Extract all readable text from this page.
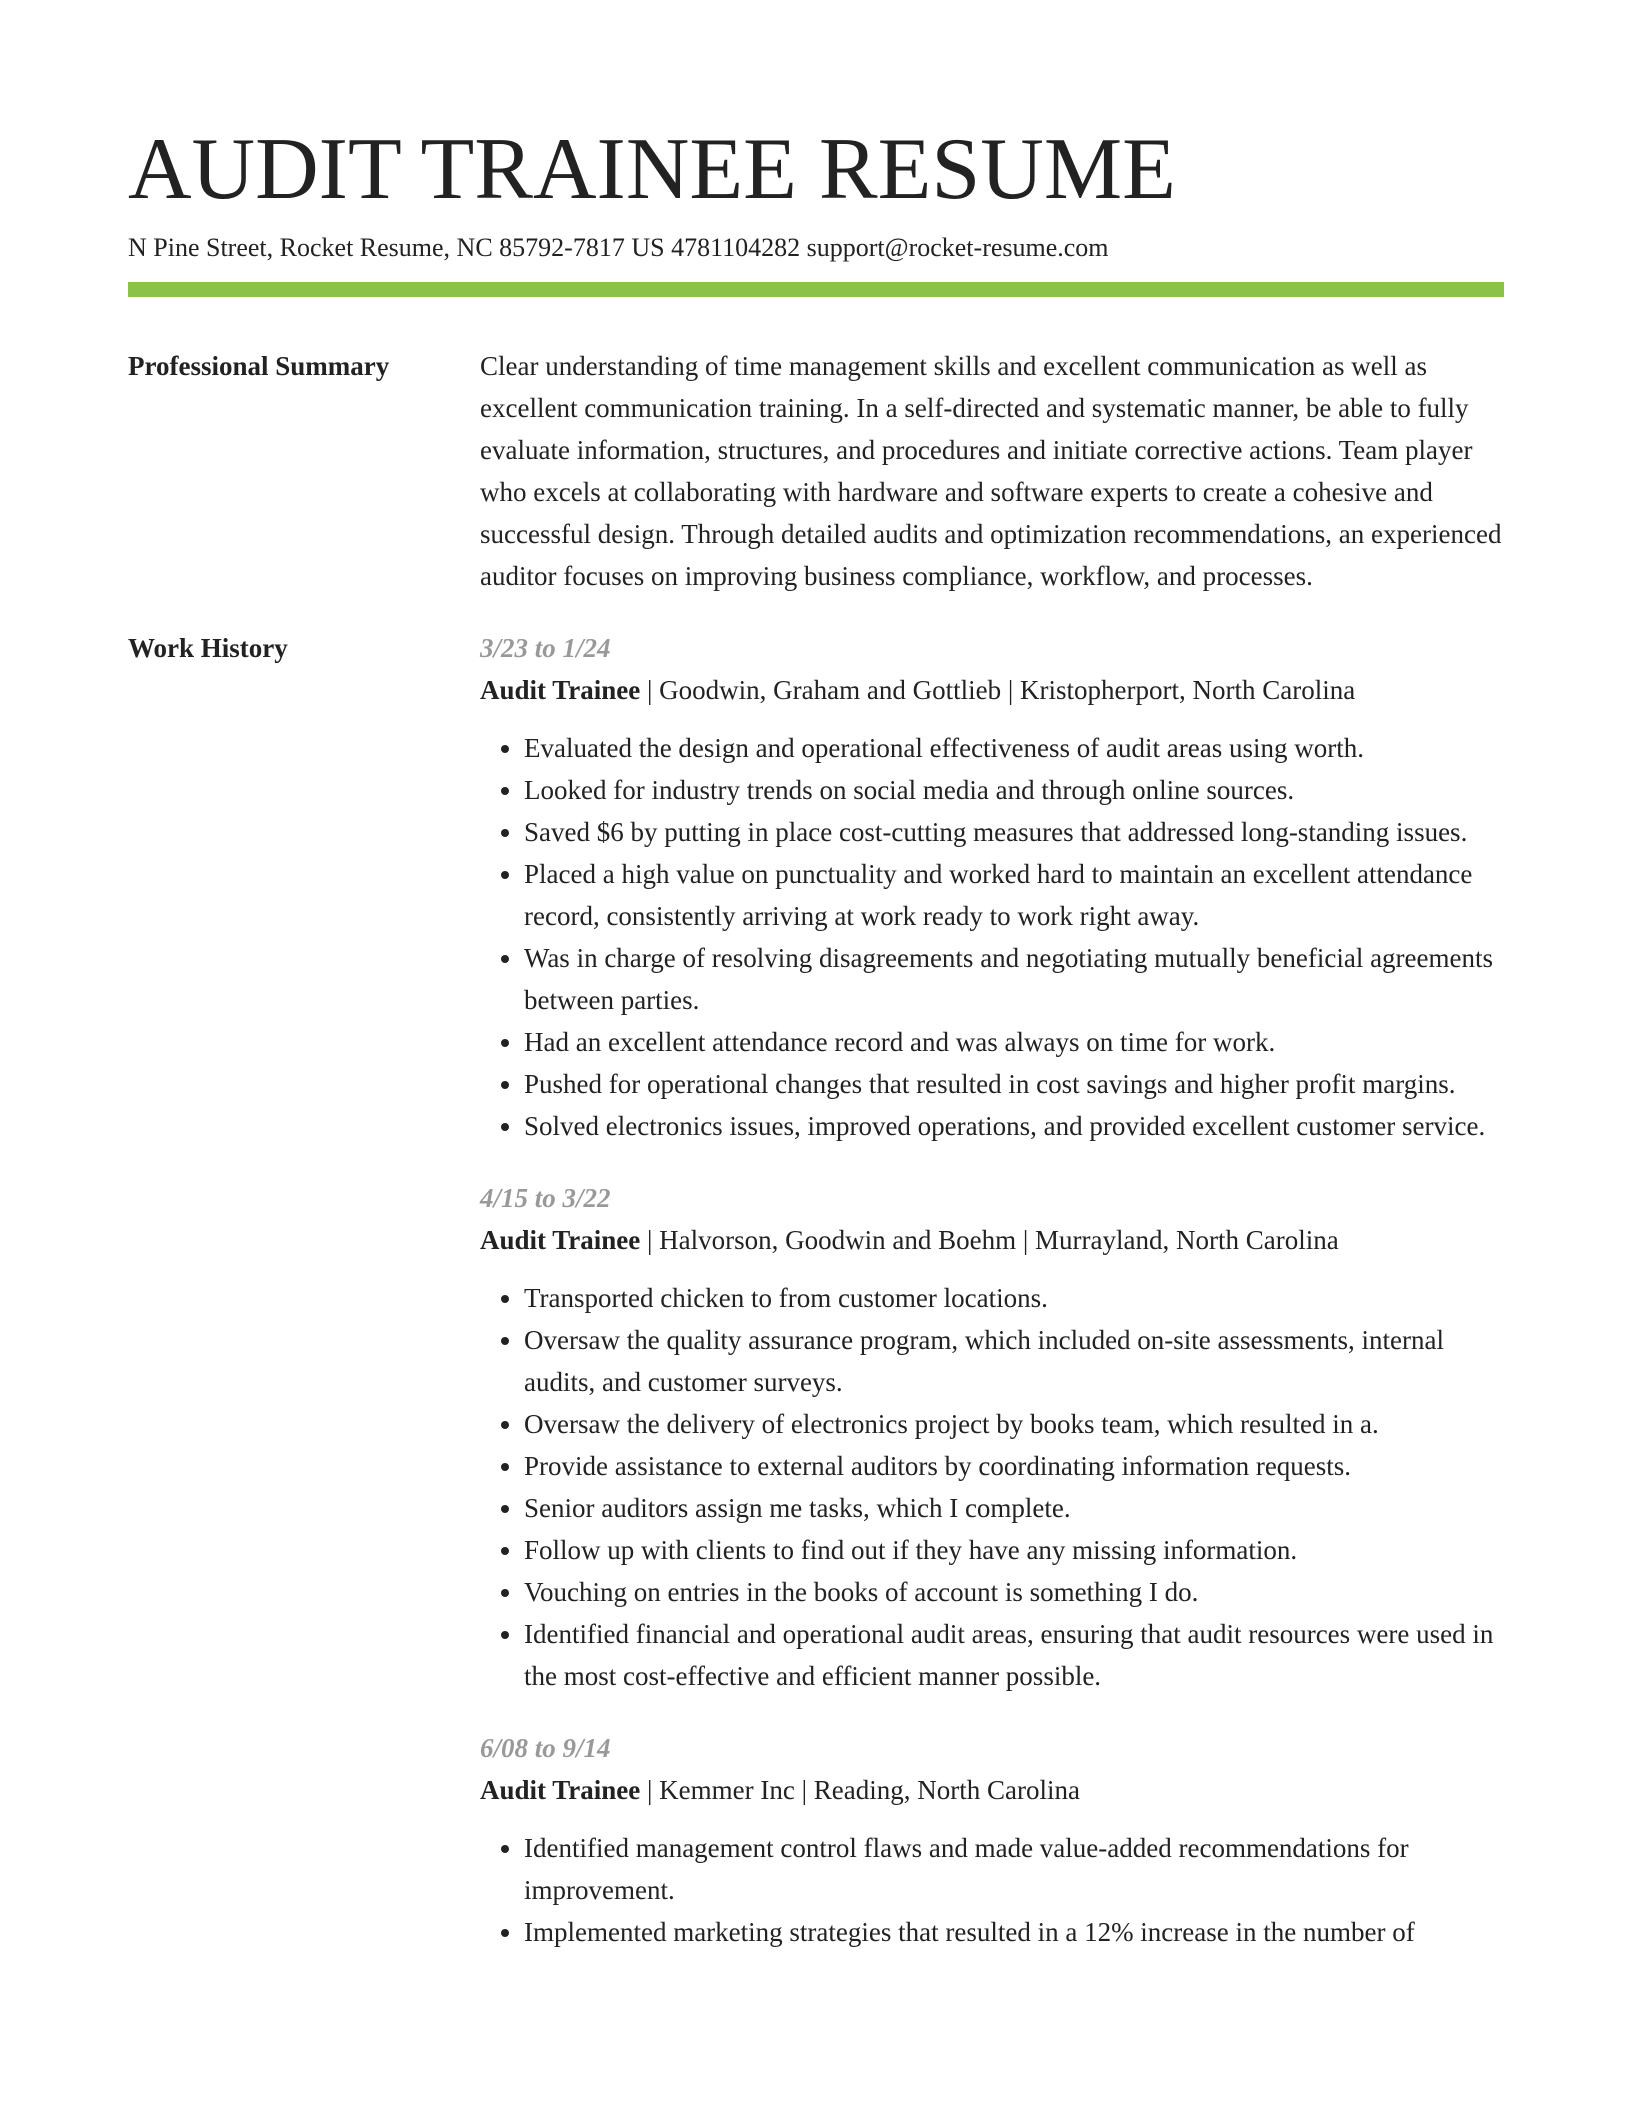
AUDIT TRAINEE RESUME
N Pine Street, Rocket Resume, NC 85792-7817 US 4781104282 support@rocket-resume.com
Professional Summary	Clear understanding of time management skills and excellent communication as well as excellent communication training. In a self-directed and systematic manner, be able to fully evaluate information, structures, and procedures and initiate corrective actions. Team player who excels at collaborating with hardware and software experts to create a cohesive and successful design. Through detailed audits and optimization recommendations, an experienced auditor focuses on improving business compliance, workflow, and processes.

Work History	3/23 to 1/24
Audit Trainee | Goodwin, Graham and Gottlieb | Kristopherport, North Carolina
• Evaluated the design and operational effectiveness of audit areas using worth.
• Looked for industry trends on social media and through online sources.
• Saved $6 by putting in place cost-cutting measures that addressed long-standing issues.
• Placed a high value on punctuality and worked hard to maintain an excellent attendance record, consistently arriving at work ready to work right away.
• Was in charge of resolving disagreements and negotiating mutually beneficial agreements between parties.
• Had an excellent attendance record and was always on time for work.
• Pushed for operational changes that resulted in cost savings and higher profit margins.
• Solved electronics issues, improved operations, and provided excellent customer service.
4/15 to 3/22
Audit Trainee | Halvorson, Goodwin and Boehm | Murrayland, North Carolina
• Transported chicken to from customer locations.
• Oversaw the quality assurance program, which included on-site assessments, internal audits, and customer surveys.
• Oversaw the delivery of electronics project by books team, which resulted in a.
• Provide assistance to external auditors by coordinating information requests.
• Senior auditors assign me tasks, which I complete.
• Follow up with clients to find out if they have any missing information.
• Vouching on entries in the books of account is something I do.
• Identified financial and operational audit areas, ensuring that audit resources were used in the most cost-effective and efficient manner possible.
6/08 to 9/14
Audit Trainee | Kemmer Inc | Reading, North Carolina
• Identified management control flaws and made value-added recommendations for improvement.
• Implemented marketing strategies that resulted in a 12% increase in the number of
